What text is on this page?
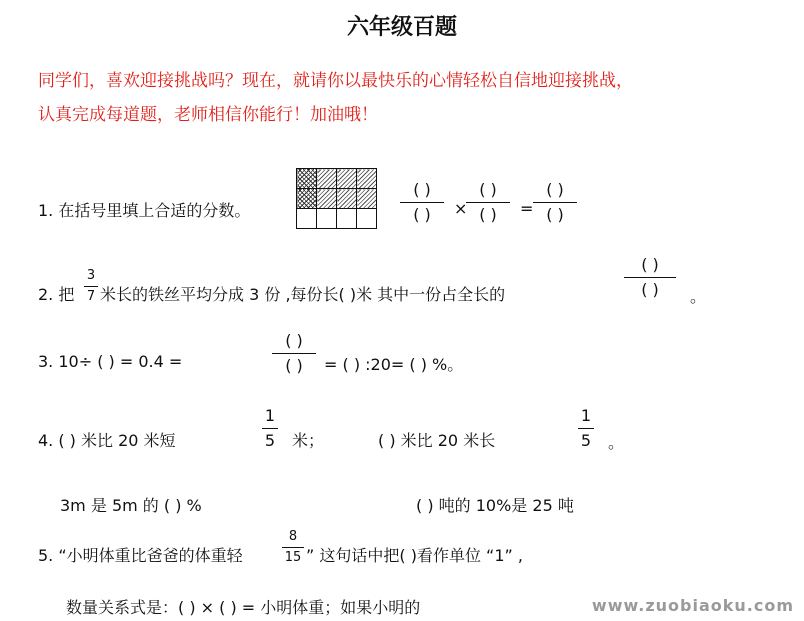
六年级百题
同学们，喜欢迎接挑战吗？现在，就请你以最快乐的心情轻松自信地迎接挑战，
认真完成每道题，老师相信你能行！加油哦！
1. 在括号里填上合适的分数。

( )
( )	×
( )
( )	=
( )
( )
2. 把
3
7 米长的铁丝平均分成 3 份 ,每份长( )米 其中一份占全长的
( )
( )	。
3. 10÷ ( ) = 0.4 =
( )
( )	= ( ) :20= ( ) %。
4. ( ) 米比 20 米短
1
5 米；	( ) 米比 20 米长
1
5 。
3m 是 5m 的 ( ) %	( ) 吨的 10%是 25 吨
5. “小明体重比爸爸的体重轻
8
15 ” 这句话中把( )看作单位 “1” ,
数量关系式是：( ) × ( ) = 小明体重；如果小明的	www.zuobiaoku.com
